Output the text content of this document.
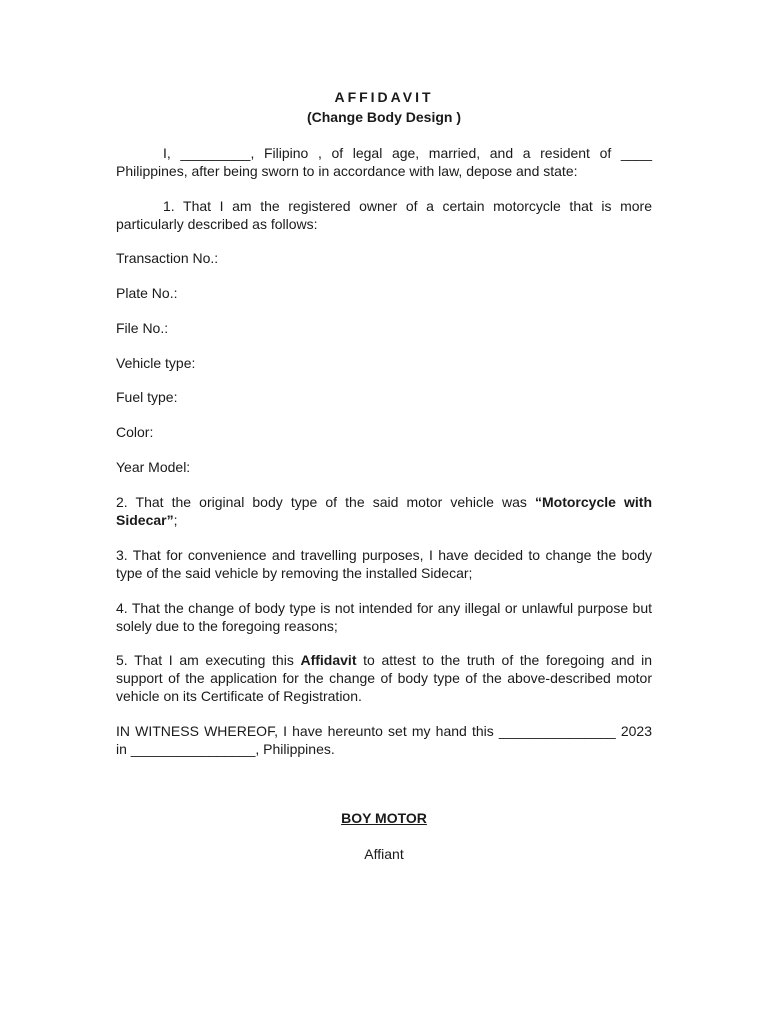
AFFIDAVIT
(Change Body Design )
I, _________, Filipino , of legal age, married, and a resident of ____
Philippines, after being sworn to in accordance with law, depose and state:
1. That I am the registered owner of a certain motorcycle that is more
particularly described as follows:
Transaction No.:
Plate No.:
File No.:
Vehicle type:
Fuel type:
Color:
Year Model:
2. That the original body type of the said motor vehicle was “Motorcycle with Sidecar”;
3. That for convenience and travelling purposes, I have decided to change the body type of the said vehicle by removing the installed Sidecar;
4. That the change of body type is not intended for any illegal or unlawful purpose but solely due to the foregoing reasons;
5. That I am executing this Affidavit to attest to the truth of the foregoing and in support of the application for the change of body type of the above-described motor vehicle on its Certificate of Registration.
IN WITNESS WHEREOF, I have hereunto set my hand this _______________ 2023
in ________________, Philippines.
BOY MOTOR
Affiant
